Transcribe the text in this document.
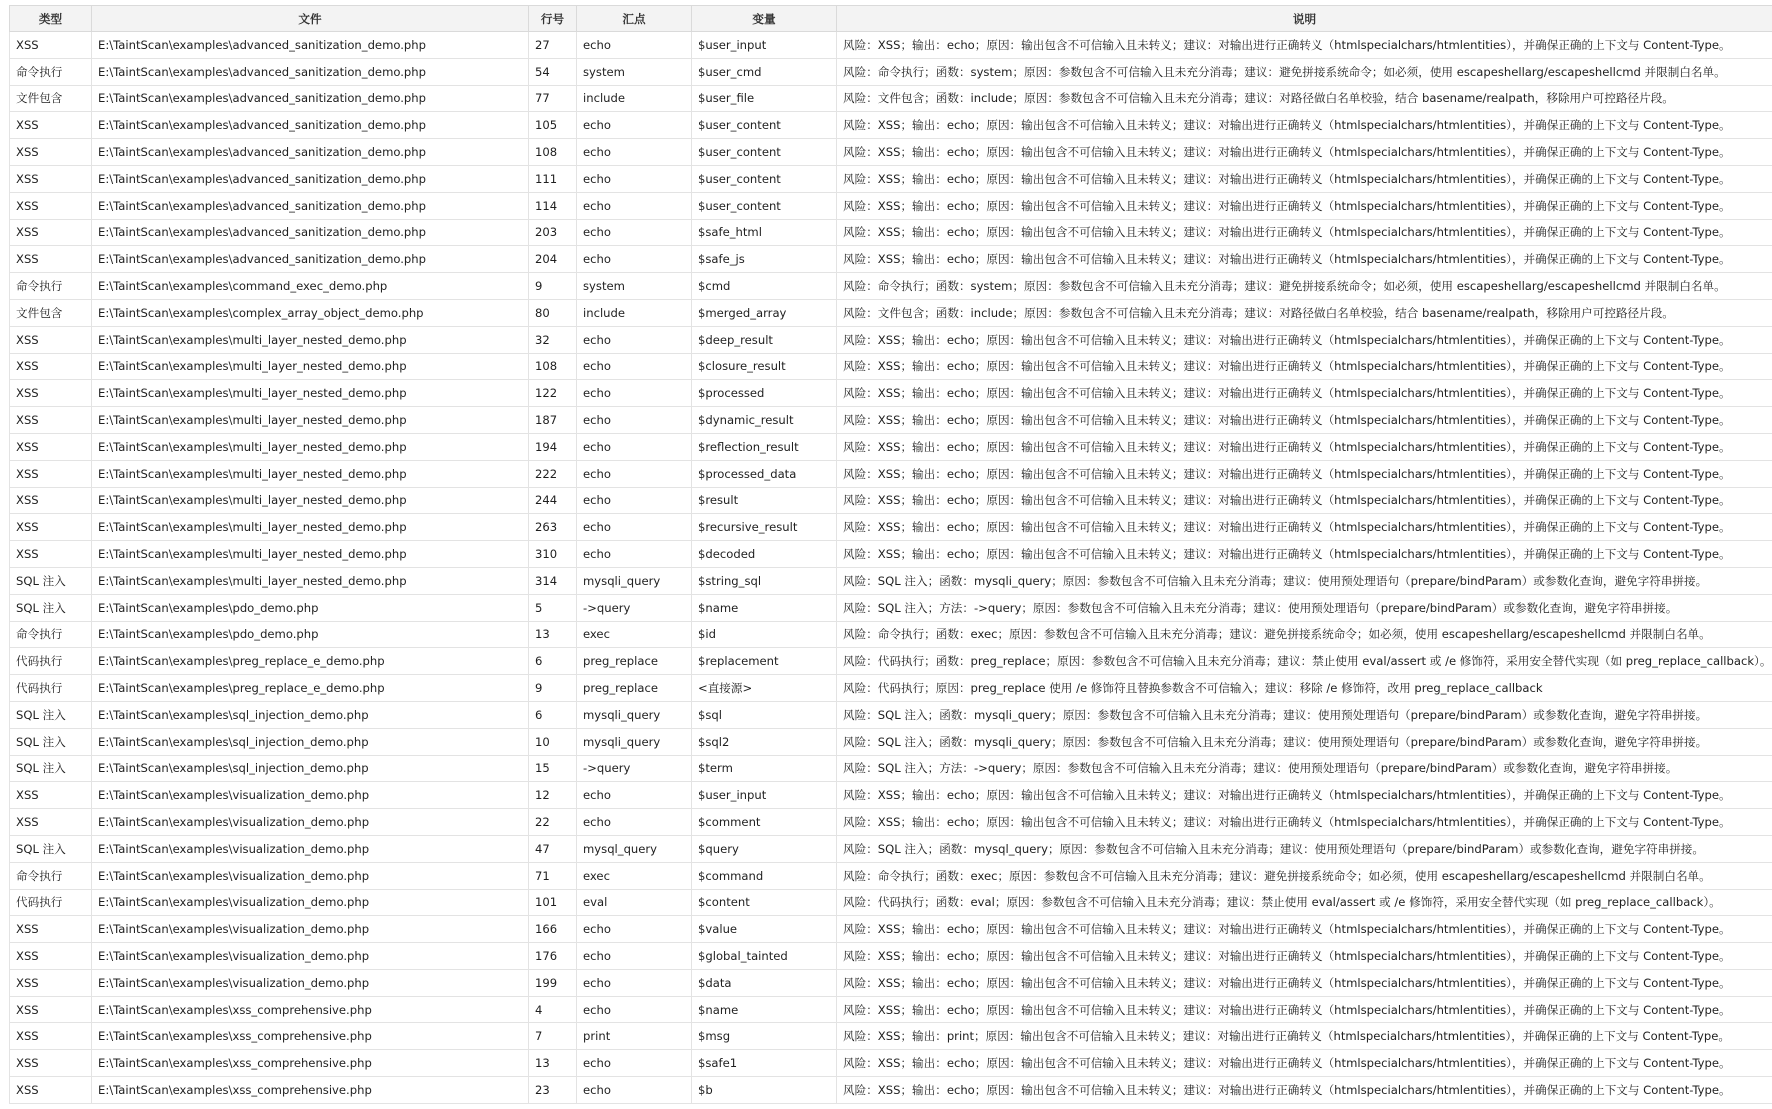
类型	文件	行号	汇点	变量	说明
XSS	E:\TaintScan\examples\advanced_sanitization_demo.php	27	echo	$user_input	风险：XSS；输出：echo；原因：输出包含不可信输入且未转义；建议：对输出进行正确转义（htmlspecialchars/htmlentities），并确保正确的上下文与 Content-Type。
命令执行	E:\TaintScan\examples\advanced_sanitization_demo.php	54	system	$user_cmd	风险：命令执行；函数：system；原因：参数包含不可信输入且未充分消毒；建议：避免拼接系统命令；如必须，使用 escapeshellarg/escapeshellcmd 并限制白名单。
文件包含	E:\TaintScan\examples\advanced_sanitization_demo.php	77	include	$user_file	风险：文件包含；函数：include；原因：参数包含不可信输入且未充分消毒；建议：对路径做白名单校验，结合 basename/realpath，移除用户可控路径片段。
XSS	E:\TaintScan\examples\advanced_sanitization_demo.php	105	echo	$user_content	风险：XSS；输出：echo；原因：输出包含不可信输入且未转义；建议：对输出进行正确转义（htmlspecialchars/htmlentities），并确保正确的上下文与 Content-Type。
XSS	E:\TaintScan\examples\advanced_sanitization_demo.php	108	echo	$user_content	风险：XSS；输出：echo；原因：输出包含不可信输入且未转义；建议：对输出进行正确转义（htmlspecialchars/htmlentities），并确保正确的上下文与 Content-Type。
XSS	E:\TaintScan\examples\advanced_sanitization_demo.php	111	echo	$user_content	风险：XSS；输出：echo；原因：输出包含不可信输入且未转义；建议：对输出进行正确转义（htmlspecialchars/htmlentities），并确保正确的上下文与 Content-Type。
XSS	E:\TaintScan\examples\advanced_sanitization_demo.php	114	echo	$user_content	风险：XSS；输出：echo；原因：输出包含不可信输入且未转义；建议：对输出进行正确转义（htmlspecialchars/htmlentities），并确保正确的上下文与 Content-Type。
XSS	E:\TaintScan\examples\advanced_sanitization_demo.php	203	echo	$safe_html	风险：XSS；输出：echo；原因：输出包含不可信输入且未转义；建议：对输出进行正确转义（htmlspecialchars/htmlentities），并确保正确的上下文与 Content-Type。
XSS	E:\TaintScan\examples\advanced_sanitization_demo.php	204	echo	$safe_js	风险：XSS；输出：echo；原因：输出包含不可信输入且未转义；建议：对输出进行正确转义（htmlspecialchars/htmlentities），并确保正确的上下文与 Content-Type。
命令执行	E:\TaintScan\examples\command_exec_demo.php	9	system	$cmd	风险：命令执行；函数：system；原因：参数包含不可信输入且未充分消毒；建议：避免拼接系统命令；如必须，使用 escapeshellarg/escapeshellcmd 并限制白名单。
文件包含	E:\TaintScan\examples\complex_array_object_demo.php	80	include	$merged_array	风险：文件包含；函数：include；原因：参数包含不可信输入且未充分消毒；建议：对路径做白名单校验，结合 basename/realpath，移除用户可控路径片段。
XSS	E:\TaintScan\examples\multi_layer_nested_demo.php	32	echo	$deep_result	风险：XSS；输出：echo；原因：输出包含不可信输入且未转义；建议：对输出进行正确转义（htmlspecialchars/htmlentities），并确保正确的上下文与 Content-Type。
XSS	E:\TaintScan\examples\multi_layer_nested_demo.php	108	echo	$closure_result	风险：XSS；输出：echo；原因：输出包含不可信输入且未转义；建议：对输出进行正确转义（htmlspecialchars/htmlentities），并确保正确的上下文与 Content-Type。
XSS	E:\TaintScan\examples\multi_layer_nested_demo.php	122	echo	$processed	风险：XSS；输出：echo；原因：输出包含不可信输入且未转义；建议：对输出进行正确转义（htmlspecialchars/htmlentities），并确保正确的上下文与 Content-Type。
XSS	E:\TaintScan\examples\multi_layer_nested_demo.php	187	echo	$dynamic_result	风险：XSS；输出：echo；原因：输出包含不可信输入且未转义；建议：对输出进行正确转义（htmlspecialchars/htmlentities），并确保正确的上下文与 Content-Type。
XSS	E:\TaintScan\examples\multi_layer_nested_demo.php	194	echo	$reflection_result	风险：XSS；输出：echo；原因：输出包含不可信输入且未转义；建议：对输出进行正确转义（htmlspecialchars/htmlentities），并确保正确的上下文与 Content-Type。
XSS	E:\TaintScan\examples\multi_layer_nested_demo.php	222	echo	$processed_data	风险：XSS；输出：echo；原因：输出包含不可信输入且未转义；建议：对输出进行正确转义（htmlspecialchars/htmlentities），并确保正确的上下文与 Content-Type。
XSS	E:\TaintScan\examples\multi_layer_nested_demo.php	244	echo	$result	风险：XSS；输出：echo；原因：输出包含不可信输入且未转义；建议：对输出进行正确转义（htmlspecialchars/htmlentities），并确保正确的上下文与 Content-Type。
XSS	E:\TaintScan\examples\multi_layer_nested_demo.php	263	echo	$recursive_result	风险：XSS；输出：echo；原因：输出包含不可信输入且未转义；建议：对输出进行正确转义（htmlspecialchars/htmlentities），并确保正确的上下文与 Content-Type。
XSS	E:\TaintScan\examples\multi_layer_nested_demo.php	310	echo	$decoded	风险：XSS；输出：echo；原因：输出包含不可信输入且未转义；建议：对输出进行正确转义（htmlspecialchars/htmlentities），并确保正确的上下文与 Content-Type。
SQL 注入	E:\TaintScan\examples\multi_layer_nested_demo.php	314	mysqli_query	$string_sql	风险：SQL 注入；函数：mysqli_query；原因：参数包含不可信输入且未充分消毒；建议：使用预处理语句（prepare/bindParam）或参数化查询，避免字符串拼接。
SQL 注入	E:\TaintScan\examples\pdo_demo.php	5	->query	$name	风险：SQL 注入；方法：->query；原因：参数包含不可信输入且未充分消毒；建议：使用预处理语句（prepare/bindParam）或参数化查询，避免字符串拼接。
命令执行	E:\TaintScan\examples\pdo_demo.php	13	exec	$id	风险：命令执行；函数：exec；原因：参数包含不可信输入且未充分消毒；建议：避免拼接系统命令；如必须，使用 escapeshellarg/escapeshellcmd 并限制白名单。
代码执行	E:\TaintScan\examples\preg_replace_e_demo.php	6	preg_replace	$replacement	风险：代码执行；函数：preg_replace；原因：参数包含不可信输入且未充分消毒；建议：禁止使用 eval/assert 或 /e 修饰符，采用安全替代实现（如 preg_replace_callback）。
代码执行	E:\TaintScan\examples\preg_replace_e_demo.php	9	preg_replace	<直接源>	风险：代码执行；原因：preg_replace 使用 /e 修饰符且替换参数含不可信输入；建议：移除 /e 修饰符，改用 preg_replace_callback
SQL 注入	E:\TaintScan\examples\sql_injection_demo.php	6	mysqli_query	$sql	风险：SQL 注入；函数：mysqli_query；原因：参数包含不可信输入且未充分消毒；建议：使用预处理语句（prepare/bindParam）或参数化查询，避免字符串拼接。
SQL 注入	E:\TaintScan\examples\sql_injection_demo.php	10	mysqli_query	$sql2	风险：SQL 注入；函数：mysqli_query；原因：参数包含不可信输入且未充分消毒；建议：使用预处理语句（prepare/bindParam）或参数化查询，避免字符串拼接。
SQL 注入	E:\TaintScan\examples\sql_injection_demo.php	15	->query	$term	风险：SQL 注入；方法：->query；原因：参数包含不可信输入且未充分消毒；建议：使用预处理语句（prepare/bindParam）或参数化查询，避免字符串拼接。
XSS	E:\TaintScan\examples\visualization_demo.php	12	echo	$user_input	风险：XSS；输出：echo；原因：输出包含不可信输入且未转义；建议：对输出进行正确转义（htmlspecialchars/htmlentities），并确保正确的上下文与 Content-Type。
XSS	E:\TaintScan\examples\visualization_demo.php	22	echo	$comment	风险：XSS；输出：echo；原因：输出包含不可信输入且未转义；建议：对输出进行正确转义（htmlspecialchars/htmlentities），并确保正确的上下文与 Content-Type。
SQL 注入	E:\TaintScan\examples\visualization_demo.php	47	mysql_query	$query	风险：SQL 注入；函数：mysql_query；原因：参数包含不可信输入且未充分消毒；建议：使用预处理语句（prepare/bindParam）或参数化查询，避免字符串拼接。
命令执行	E:\TaintScan\examples\visualization_demo.php	71	exec	$command	风险：命令执行；函数：exec；原因：参数包含不可信输入且未充分消毒；建议：避免拼接系统命令；如必须，使用 escapeshellarg/escapeshellcmd 并限制白名单。
代码执行	E:\TaintScan\examples\visualization_demo.php	101	eval	$content	风险：代码执行；函数：eval；原因：参数包含不可信输入且未充分消毒；建议：禁止使用 eval/assert 或 /e 修饰符，采用安全替代实现（如 preg_replace_callback）。
XSS	E:\TaintScan\examples\visualization_demo.php	166	echo	$value	风险：XSS；输出：echo；原因：输出包含不可信输入且未转义；建议：对输出进行正确转义（htmlspecialchars/htmlentities），并确保正确的上下文与 Content-Type。
XSS	E:\TaintScan\examples\visualization_demo.php	176	echo	$global_tainted	风险：XSS；输出：echo；原因：输出包含不可信输入且未转义；建议：对输出进行正确转义（htmlspecialchars/htmlentities），并确保正确的上下文与 Content-Type。
XSS	E:\TaintScan\examples\visualization_demo.php	199	echo	$data	风险：XSS；输出：echo；原因：输出包含不可信输入且未转义；建议：对输出进行正确转义（htmlspecialchars/htmlentities），并确保正确的上下文与 Content-Type。
XSS	E:\TaintScan\examples\xss_comprehensive.php	4	echo	$name	风险：XSS；输出：echo；原因：输出包含不可信输入且未转义；建议：对输出进行正确转义（htmlspecialchars/htmlentities），并确保正确的上下文与 Content-Type。
XSS	E:\TaintScan\examples\xss_comprehensive.php	7	print	$msg	风险：XSS；输出：print；原因：输出包含不可信输入且未转义；建议：对输出进行正确转义（htmlspecialchars/htmlentities），并确保正确的上下文与 Content-Type。
XSS	E:\TaintScan\examples\xss_comprehensive.php	13	echo	$safe1	风险：XSS；输出：echo；原因：输出包含不可信输入且未转义；建议：对输出进行正确转义（htmlspecialchars/htmlentities），并确保正确的上下文与 Content-Type。
XSS	E:\TaintScan\examples\xss_comprehensive.php	23	echo	$b	风险：XSS；输出：echo；原因：输出包含不可信输入且未转义；建议：对输出进行正确转义（htmlspecialchars/htmlentities），并确保正确的上下文与 Content-Type。
